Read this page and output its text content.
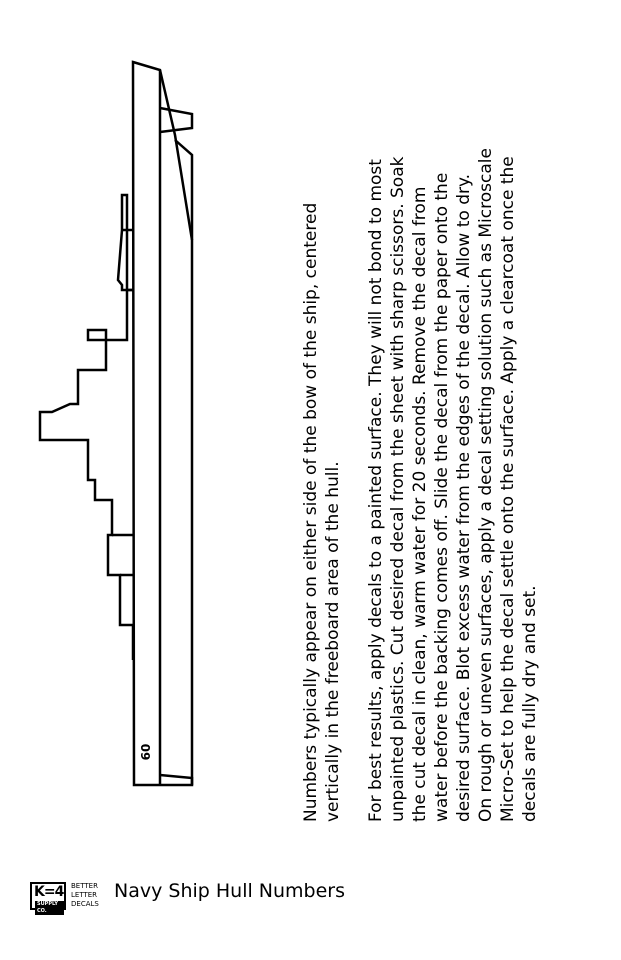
60	Numbers typically appear on either side of the bow of the ship, centered vertically in the freeboard area of the hull. For best results, apply decals to a painted surface. They will not bond to most unpainted plastics. Cut desired decal from the sheet with sharp scissors. Soak the cut decal in clean, warm water for 20 seconds. Remove the decal from water before the backing comes off. Slide the decal from the paper onto the desired surface. Blot excess water from the edges of the decal. Allow to dry. On rough or uneven surfaces, apply a decal setting solution such as Microscale Micro-Set to help the decal settle onto the surface. Apply a clearcoat once the decals are fully dry and set.
K=4
SUPPLY CO.
BETTER
LETTER
DECALS
Navy Ship Hull Numbers
